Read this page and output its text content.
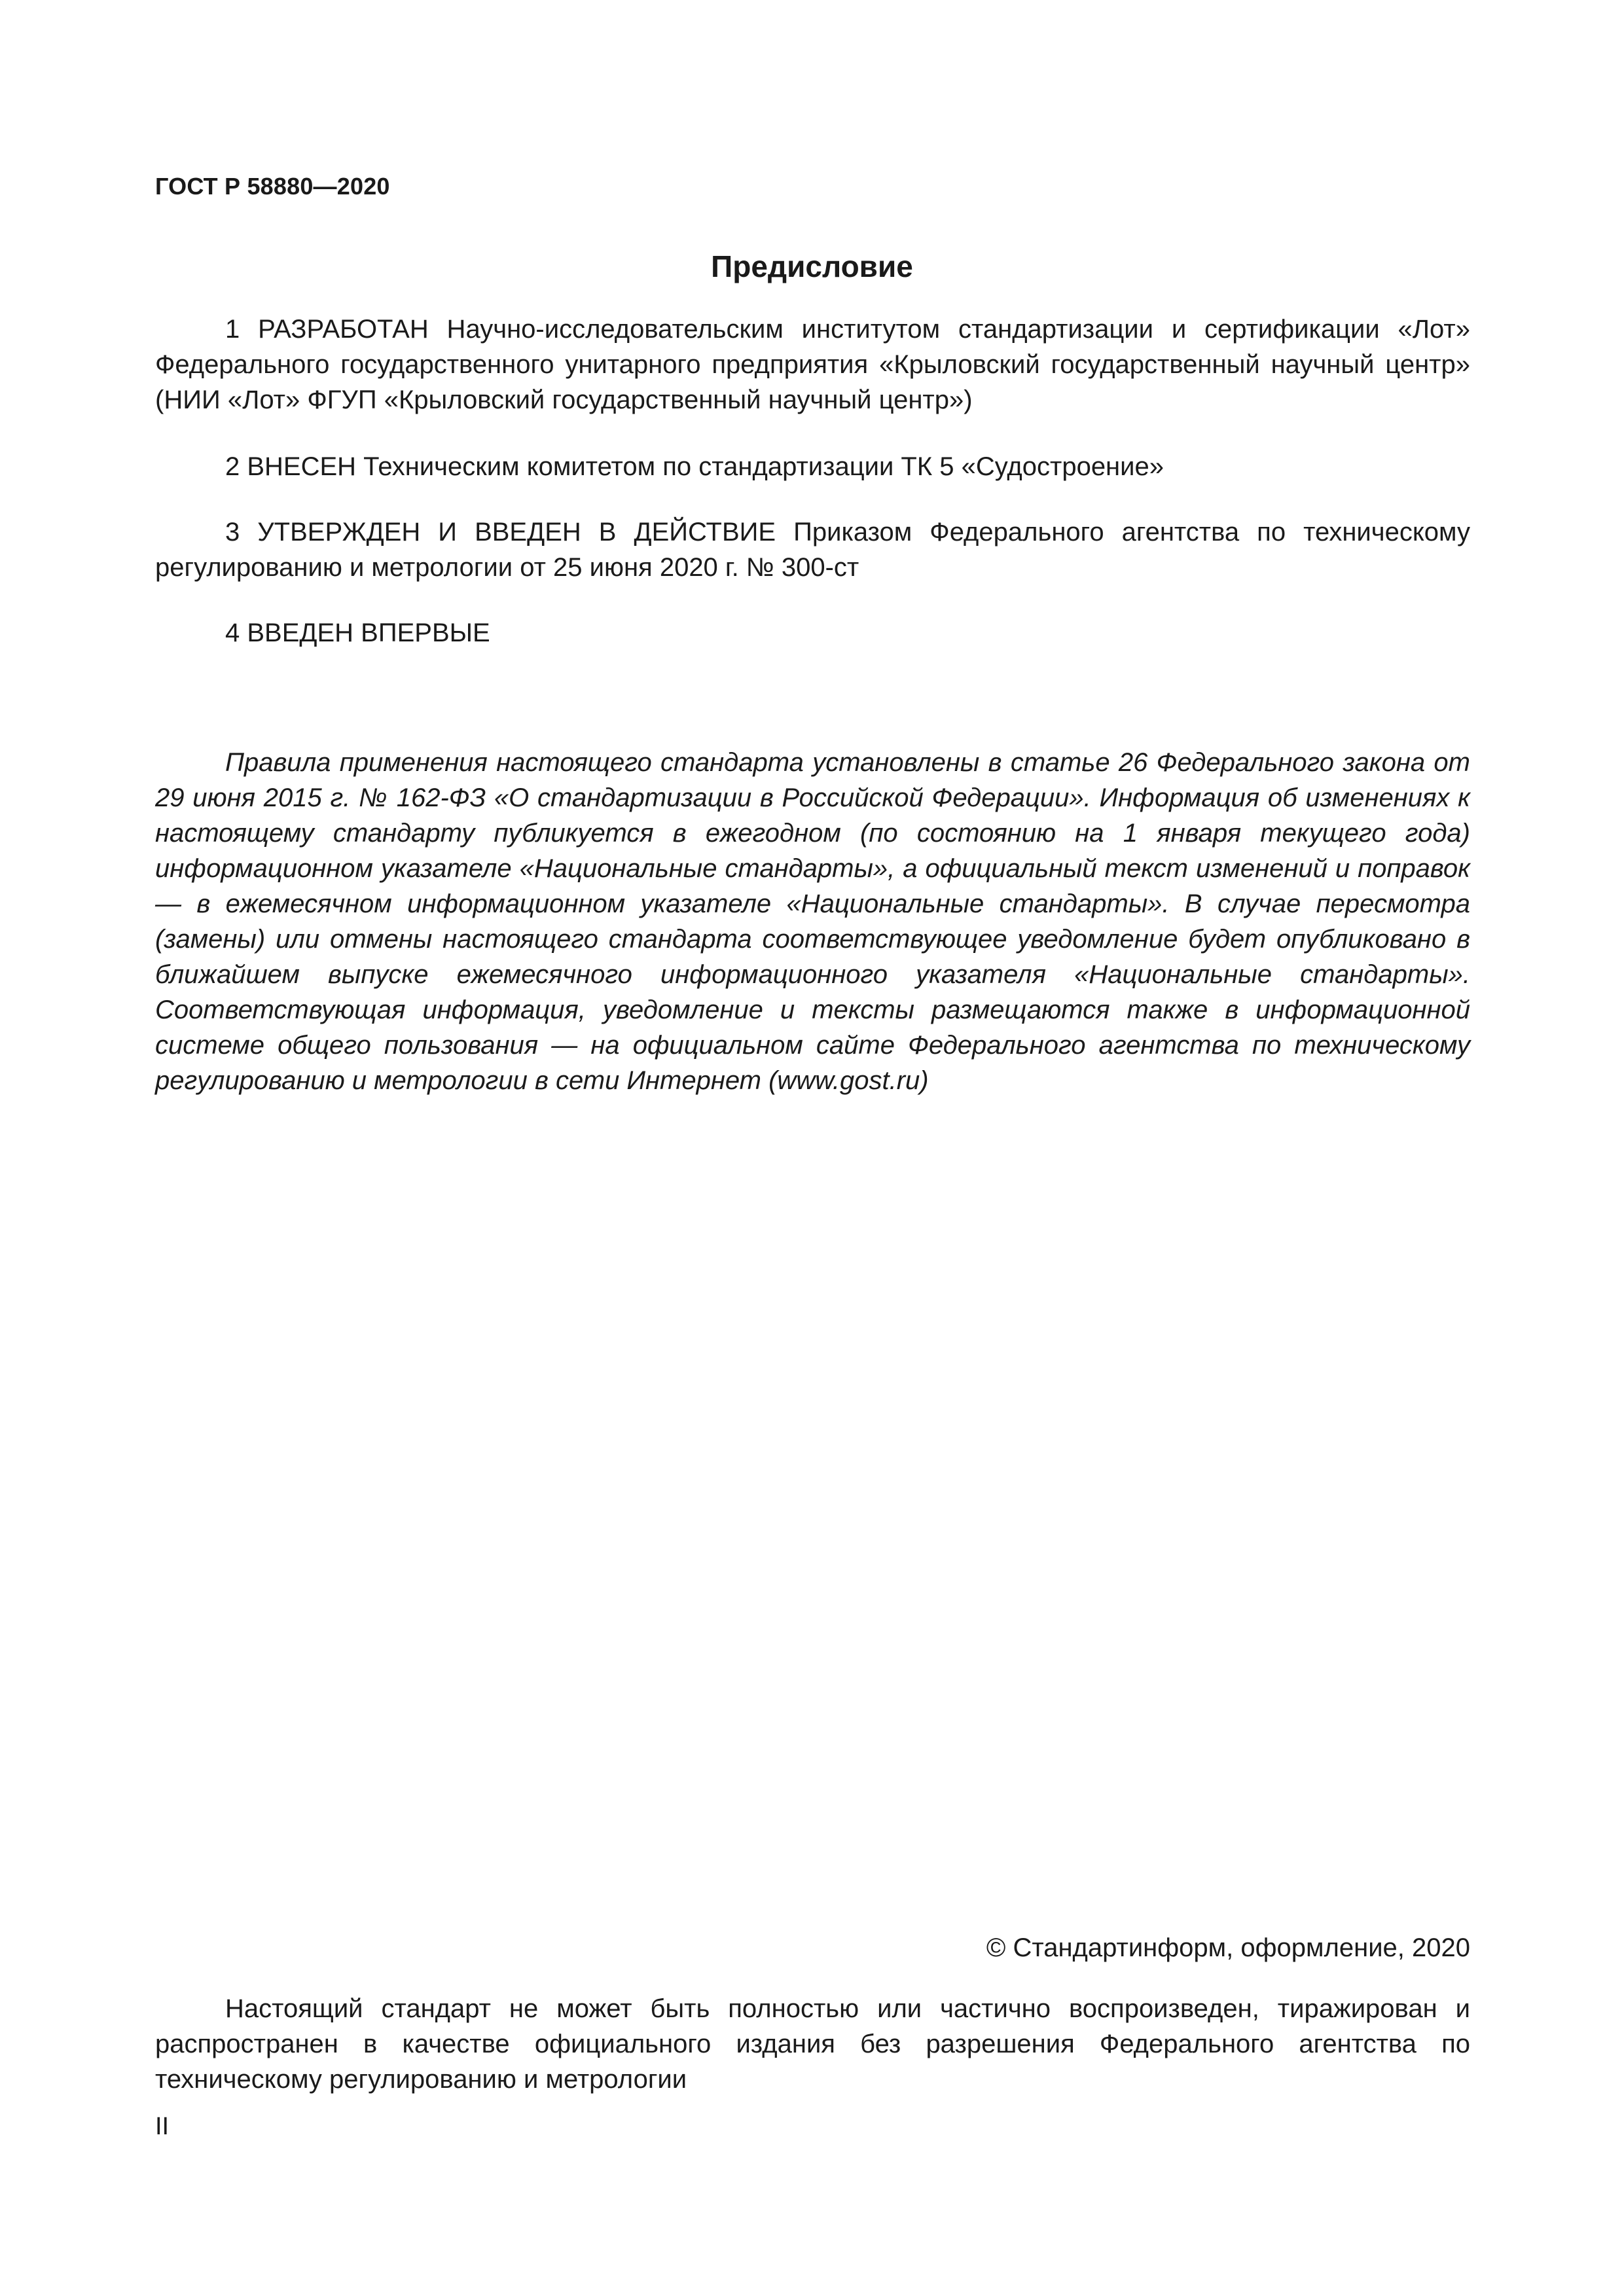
ГОСТ Р 58880—2020
Предисловие

1 РАЗРАБОТАН Научно-исследовательским институтом стандартизации и сертификации «Лот» Федерального государственного унитарного предприятия «Крыловский государственный научный центр» (НИИ «Лот» ФГУП «Крыловский государственный научный центр»)

2 ВНЕСЕН Техническим комитетом по стандартизации ТК 5 «Судостроение»

3 УТВЕРЖДЕН И ВВЕДЕН В ДЕЙСТВИЕ Приказом Федерального агентства по техническому регулированию и метрологии от 25 июня 2020 г. № 300-ст

4 ВВЕДЕН ВПЕРВЫЕ

Правила применения настоящего стандарта установлены в статье 26 Федерального закона от 29 июня 2015 г. № 162-ФЗ «О стандартизации в Российской Федерации». Информация об изменениях к настоящему стандарту публикуется в ежегодном (по состоянию на 1 января текущего года) информационном указателе «Национальные стандарты», а официальный текст изменений и поправок — в ежемесячном информационном указателе «Национальные стандарты». В случае пересмотра (замены) или отмены настоящего стандарта соответствующее уведомление будет опубликовано в ближайшем выпуске ежемесячного информационного указателя «Национальные стандарты». Соответствующая информация, уведомление и тексты размещаются также в информационной системе общего пользования — на официальном сайте Федерального агентства по техническому регулированию и метрологии в сети Интернет (www.gost.ru)

© Стандартинформ, оформление, 2020

Настоящий стандарт не может быть полностью или частично воспроизведен, тиражирован и распространен в качестве официального издания без разрешения Федерального агентства по техническому регулированию и метрологии

II
